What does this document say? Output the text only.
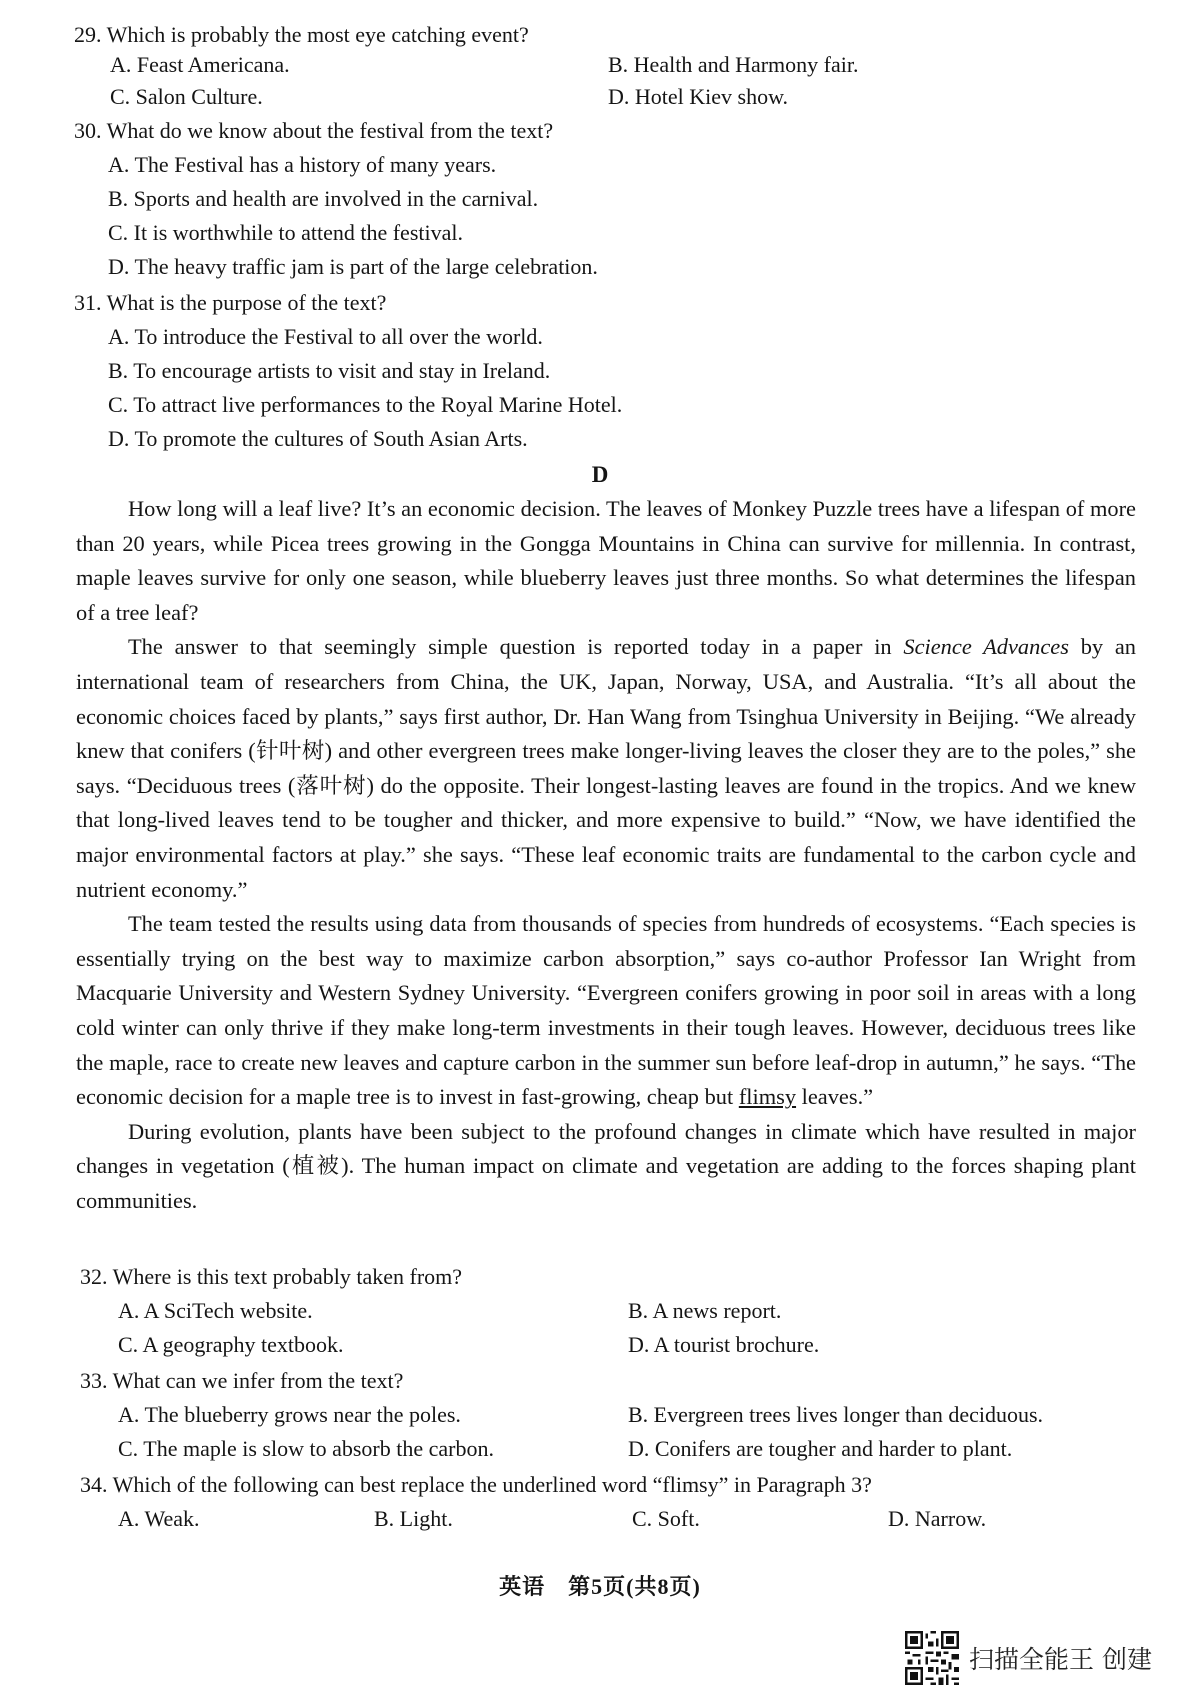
29. Which is probably the most eye catching event?
A. Feast Americana.	B. Health and Harmony fair.
C. Salon Culture.	D. Hotel Kiev show.
30. What do we know about the festival from the text?
A. The Festival has a history of many years.
B. Sports and health are involved in the carnival.
C. It is worthwhile to attend the festival.
D. The heavy traffic jam is part of the large celebration.
31. What is the purpose of the text?
A. To introduce the Festival to all over the world.
B. To encourage artists to visit and stay in Ireland.
C. To attract live performances to the Royal Marine Hotel.
D. To promote the cultures of South Asian Arts.
D

How long will a leaf live? It’s an economic decision. The leaves of Monkey Puzzle trees have a lifespan of more than 20 years, while Picea trees growing in the Gongga Mountains in China can survive for millennia. In contrast, maple leaves survive for only one season, while blueberry leaves just three months. So what determines the lifespan of a tree leaf?

The answer to that seemingly simple question is reported today in a paper in Science Advances by an international team of researchers from China, the UK, Japan, Norway, USA, and Australia. “It’s all about the economic choices faced by plants,” says first author, Dr. Han Wang from Tsinghua University in Beijing. “We already knew that conifers (针叶树) and other evergreen trees make longer-living leaves the closer they are to the poles,” she says. “Deciduous trees (落叶树) do the opposite. Their longest-lasting leaves are found in the tropics. And we knew that long-lived leaves tend to be tougher and thicker, and more expensive to build.” “Now, we have identified the major environmental factors at play.” she says. “These leaf economic traits are fundamental to the carbon cycle and nutrient economy.”

The team tested the results using data from thousands of species from hundreds of ecosystems. “Each species is essentially trying on the best way to maximize carbon absorption,” says co-author Professor Ian Wright from Macquarie University and Western Sydney University. “Evergreen conifers growing in poor soil in areas with a long cold winter can only thrive if they make long-term investments in their tough leaves. However, deciduous trees like the maple, race to create new leaves and capture carbon in the summer sun before leaf-drop in autumn,” he says. “The economic decision for a maple tree is to invest in fast-growing, cheap but flimsy leaves.”

During evolution, plants have been subject to the profound changes in climate which have resulted in major changes in vegetation (植被). The human impact on climate and vegetation are adding to the forces shaping plant communities.

32. Where is this text probably taken from?
A. A SciTech website.	B. A news report.
C. A geography textbook.	D. A tourist brochure.
33. What can we infer from the text?
A. The blueberry grows near the poles.	B. Evergreen trees lives longer than deciduous.
C. The maple is slow to absorb the carbon.	D. Conifers are tougher and harder to plant.
34. Which of the following can best replace the underlined word “flimsy” in Paragraph 3?
A. Weak.	B. Light.	C. Soft.	D. Narrow.
英语　第5页(共8页)
扫描全能王 创建
